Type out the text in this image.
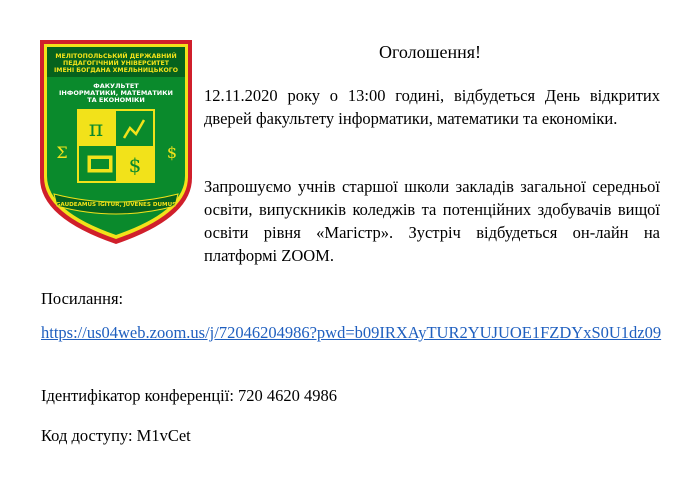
МЕЛІТОПОЛЬСЬКИЙ ДЕРЖАВНИЙ
ПЕДАГОГІЧНИЙ УНІВЕРСИТЕТ
ІМЕНІ БОГДАНА ХМЕЛЬНИЦЬКОГО
ФАКУЛЬТЕТ
ІНФОРМАТИКИ, МАТЕМАТИКИ
ТА ЕКОНОМІКИ
π
$
Σ	$
GAUDEAMUS IGITUR, JUVENES DUMUS
Оголошення!
12.11.2020 року о 13:00 годині, відбудеться День відкритих дверей факультету інформатики, математики та економіки.
Запрошуємо учнів старшої школи закладів загальної середньої освіти, випускників коледжів та потенційних здобувачів вищої освіти рівня «Магістр». Зустріч відбудеться он-лайн на платформі ZOOM.
Посилання:
https://us04web.zoom.us/j/72046204986?pwd=b09IRXAyTUR2YUJUOE1FZDYxS0U1dz09
Ідентифікатор конференції: 720 4620 4986
Код доступу: M1vCet
